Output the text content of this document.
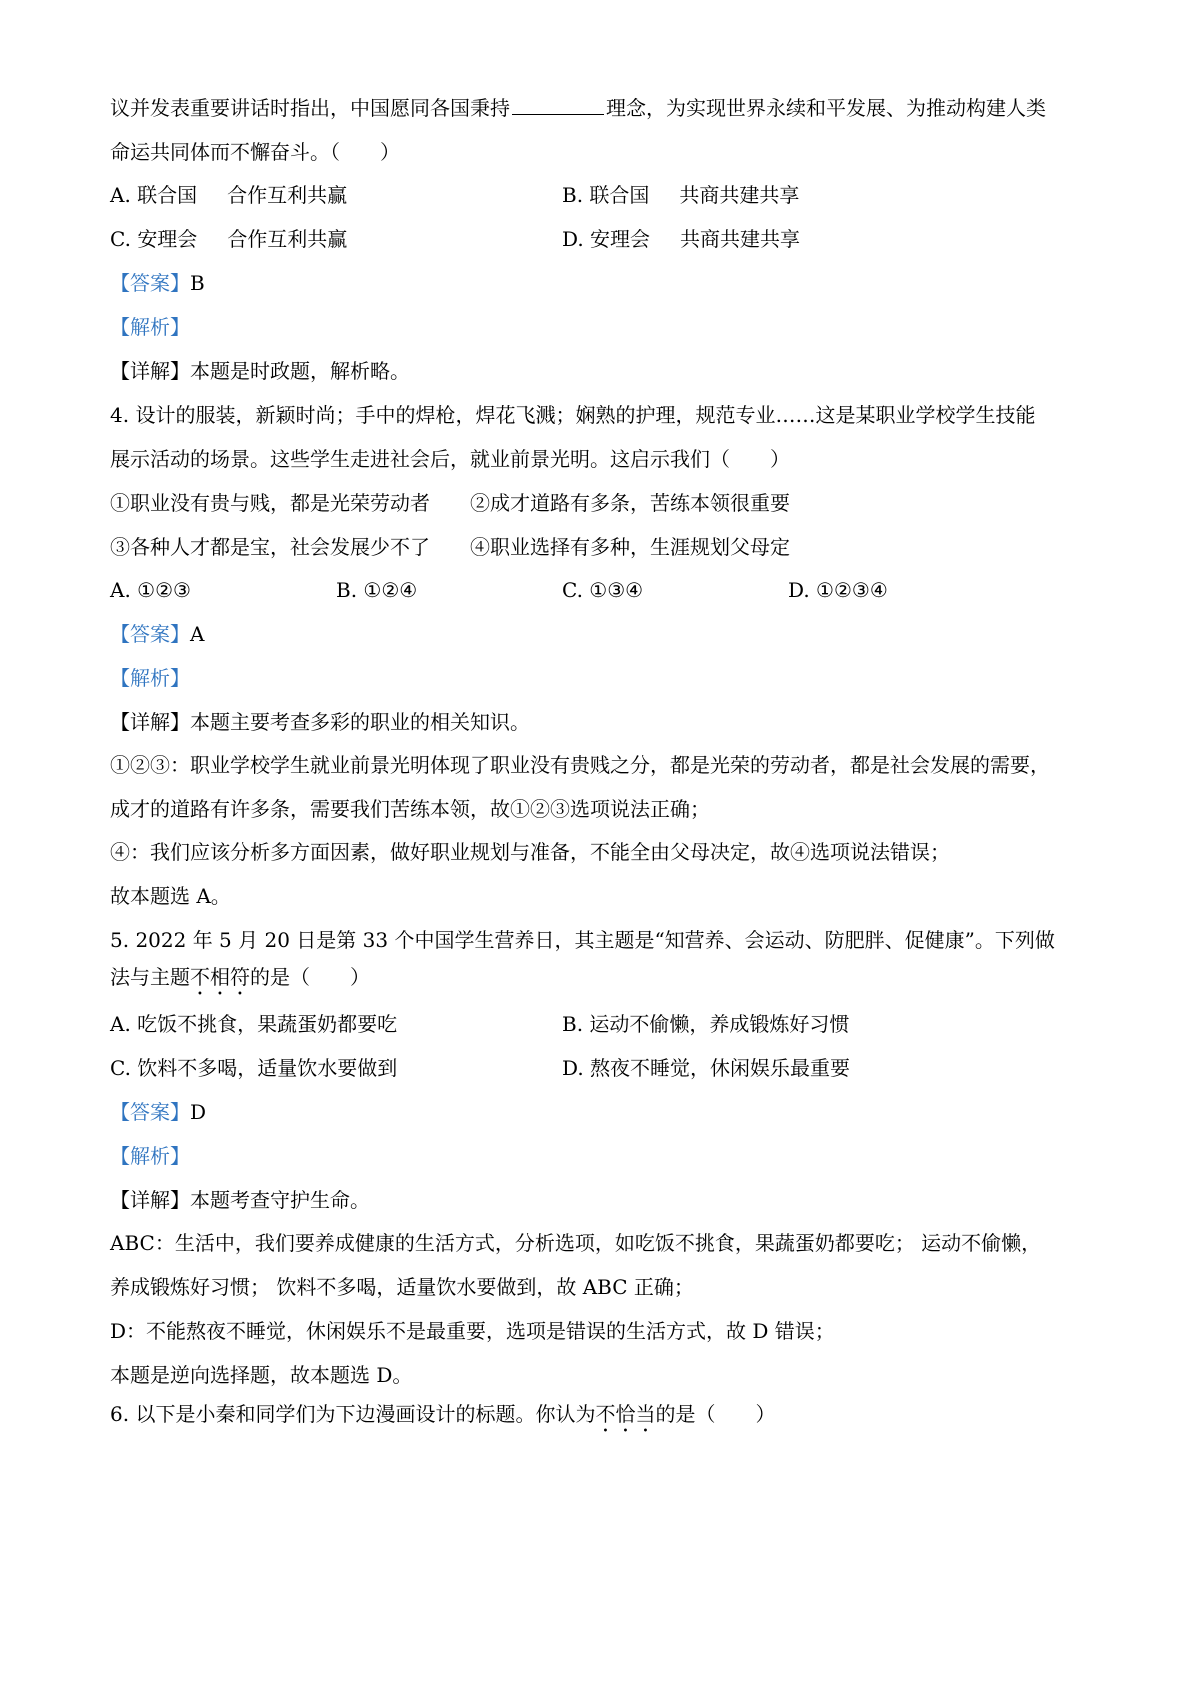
议并发表重要讲话时指出，中国愿同各国秉持	理念，为实现世界永续和平发展、为推动构建人类
命运共同体而不懈奋斗。（　　）
A. 联合国 合作互利共赢	B. 联合国 共商共建共享
C. 安理会 合作互利共赢	D. 安理会 共商共建共享
【答案】B
【解析】
【详解】本题是时政题，解析略。
4. 设计的服装，新颖时尚；手中的焊枪，焊花飞溅；娴熟的护理，规范专业……这是某职业学校学生技能
展示活动的场景。这些学生走进社会后，就业前景光明。这启示我们（　　）
①职业没有贵与贱，都是光荣劳动者 ②成才道路有多条，苦练本领很重要
③各种人才都是宝，社会发展少不了 ④职业选择有多种，生涯规划父母定
A. ①②③	B. ①②④	C. ①③④	D. ①②③④
【答案】A
【解析】
【详解】本题主要考查多彩的职业的相关知识。
①②③：职业学校学生就业前景光明体现了职业没有贵贱之分，都是光荣的劳动者，都是社会发展的需要，
成才的道路有许多条，需要我们苦练本领，故①②③选项说法正确；
④：我们应该分析多方面因素，做好职业规划与准备，不能全由父母决定，故④选项说法错误；
故本题选 A。
5. 2022 年 5 月 20 日是第 33 个中国学生营养日，其主题是“知营养、会运动、防肥胖、促健康”。下列做
法与主题不相符的是（　　）
A. 吃饭不挑食，果蔬蛋奶都要吃	B. 运动不偷懒，养成锻炼好习惯
C. 饮料不多喝，适量饮水要做到	D. 熬夜不睡觉，休闲娱乐最重要
【答案】D
【解析】
【详解】本题考查守护生命。
ABC：生活中，我们要养成健康的生活方式，分析选项，如吃饭不挑食，果蔬蛋奶都要吃； 运动不偷懒，
养成锻炼好习惯； 饮料不多喝，适量饮水要做到，故 ABC 正确；
D：不能熬夜不睡觉，休闲娱乐不是最重要，选项是错误的生活方式，故 D 错误；
本题是逆向选择题，故本题选 D。
6. 以下是小秦和同学们为下边漫画设计的标题。你认为不恰当的是（　　）
